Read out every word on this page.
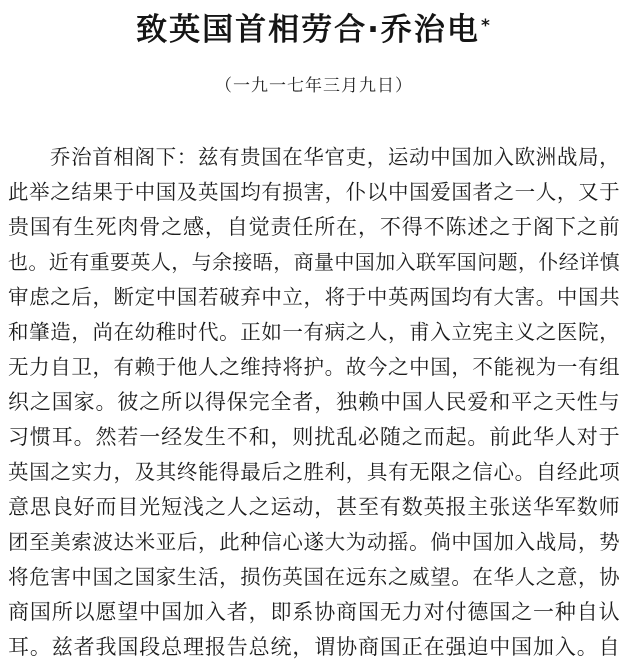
致英国首相劳合·乔治电*
（一九一七年三月九日）
乔治首相阁下：兹有贵国在华官吏，运动中国加入欧洲战局，
此举之结果于中国及英国均有损害，仆以中国爱国者之一人，又于
贵国有生死肉骨之感，自觉责任所在，不得不陈述之于阁下之前
也。近有重要英人，与余接晤，商量中国加入联军国问题，仆经详慎
审虑之后，断定中国若破弃中立，将于中英两国均有大害。中国共
和肇造，尚在幼稚时代。正如一有病之人，甫入立宪主义之医院，
无力自卫，有赖于他人之维持将护。故今之中国，不能视为一有组
织之国家。彼之所以得保完全者，独赖中国人民爱和平之天性与
习惯耳。然若一经发生不和，则扰乱必随之而起。前此华人对于
英国之实力，及其终能得最后之胜利，具有无限之信心。自经此项
意思良好而目光短浅之人之运动，甚至有数英报主张送华军数师
团至美索波达米亚后，此种信心遂大为动摇。倘中国加入战局，势
将危害中国之国家生活，损伤英国在远东之威望。在华人之意，协
商国所以愿望中国加入者，即系协商国无力对付德国之一种自认
耳。兹者我国段总理报告总统，谓协商国正在强迫中国加入。自
